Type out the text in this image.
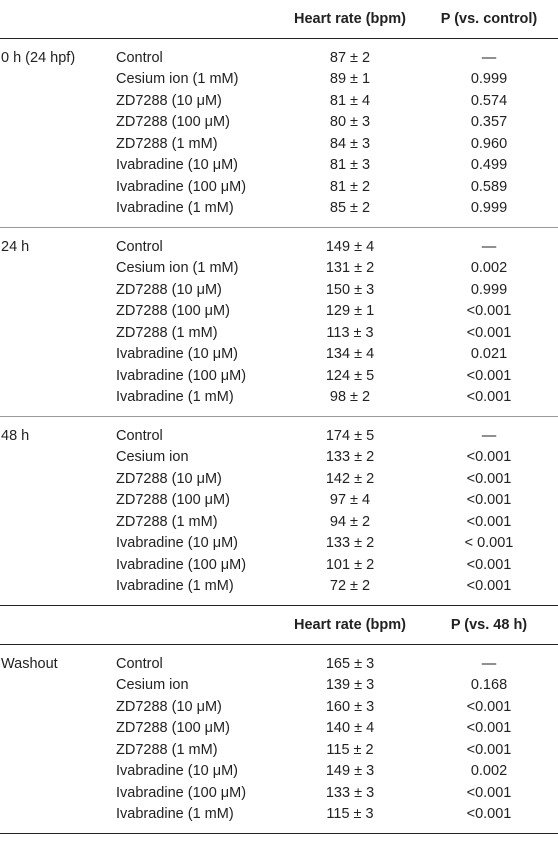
Heart rate (bpm)	P (vs. control)
0 h (24 hpf)	Control	87 ± 2	—
Cesium ion (1 mM)	89 ± 1	0.999
ZD7288 (10 μM)	81 ± 4	0.574
ZD7288 (100 μM)	80 ± 3	0.357
ZD7288 (1 mM)	84 ± 3	0.960
Ivabradine (10 μM)	81 ± 3	0.499
Ivabradine (100 μM)	81 ± 2	0.589
Ivabradine (1 mM)	85 ± 2	0.999
24 h	Control	149 ± 4	—
Cesium ion (1 mM)	131 ± 2	0.002
ZD7288 (10 μM)	150 ± 3	0.999
ZD7288 (100 μM)	129 ± 1	<0.001
ZD7288 (1 mM)	113 ± 3	<0.001
Ivabradine (10 μM)	134 ± 4	0.021
Ivabradine (100 μM)	124 ± 5	<0.001
Ivabradine (1 mM)	98 ± 2	<0.001
48 h	Control	174 ± 5	—
Cesium ion	133 ± 2	<0.001
ZD7288 (10 μM)	142 ± 2	<0.001
ZD7288 (100 μM)	97 ± 4	<0.001
ZD7288 (1 mM)	94 ± 2	<0.001
Ivabradine (10 μM)	133 ± 2	< 0.001
Ivabradine (100 μM)	101 ± 2	<0.001
Ivabradine (1 mM)	72 ± 2	<0.001
Heart rate (bpm)	P (vs. 48 h)
Washout	Control	165 ± 3	—
Cesium ion	139 ± 3	0.168
ZD7288 (10 μM)	160 ± 3	<0.001
ZD7288 (100 μM)	140 ± 4	<0.001
ZD7288 (1 mM)	115 ± 2	<0.001
Ivabradine (10 μM)	149 ± 3	0.002
Ivabradine (100 μM)	133 ± 3	<0.001
Ivabradine (1 mM)	115 ± 3	<0.001
